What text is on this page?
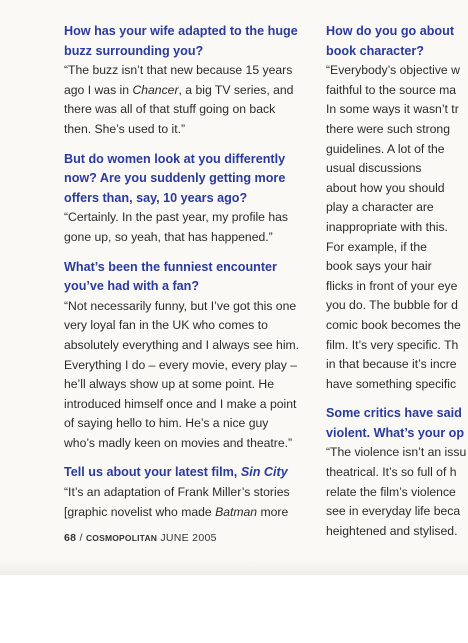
How has your wife adapted to the huge
buzz surrounding you?
“The buzz isn’t that new because 15 years
ago I was in Chancer, a big TV series, and
there was all of that stuff going on back
then. She’s used to it.”
But do women look at you differently
now? Are you suddenly getting more
offers than, say, 10 years ago?
“Certainly. In the past year, my profile has
gone up, so yeah, that has happened.”
What’s been the funniest encounter
you’ve had with a fan?
“Not necessarily funny, but I’ve got this one
very loyal fan in the UK who comes to
absolutely everything and I always see him.
Everything I do – every movie, every play –
he’ll always show up at some point. He
introduced himself once and I make a point
of saying hello to him. He’s a nice guy
who’s madly keen on movies and theatre.”
Tell us about your latest film, Sin City
“It’s an adaptation of Frank Miller’s stories
[graphic novelist who made Batman more
How do you go about
book character?
“Everybody’s objective w
faithful to the source ma
In some ways it wasn’t tr
there were such strong
guidelines. A lot of the
usual discussions
about how you should
play a character are
inappropriate with this.
For example, if the
book says your hair
flicks in front of your eye
you do. The bubble for d
comic book becomes the
film. It’s very specific. Th
in that because it’s incre
have something specific
Some critics have said
violent. What’s your op
“The violence isn’t an issu
theatrical. It’s so full of h
relate the film’s violence
see in everyday life beca
heightened and stylised.
68 / COSMOPOLITAN JUNE 2005
